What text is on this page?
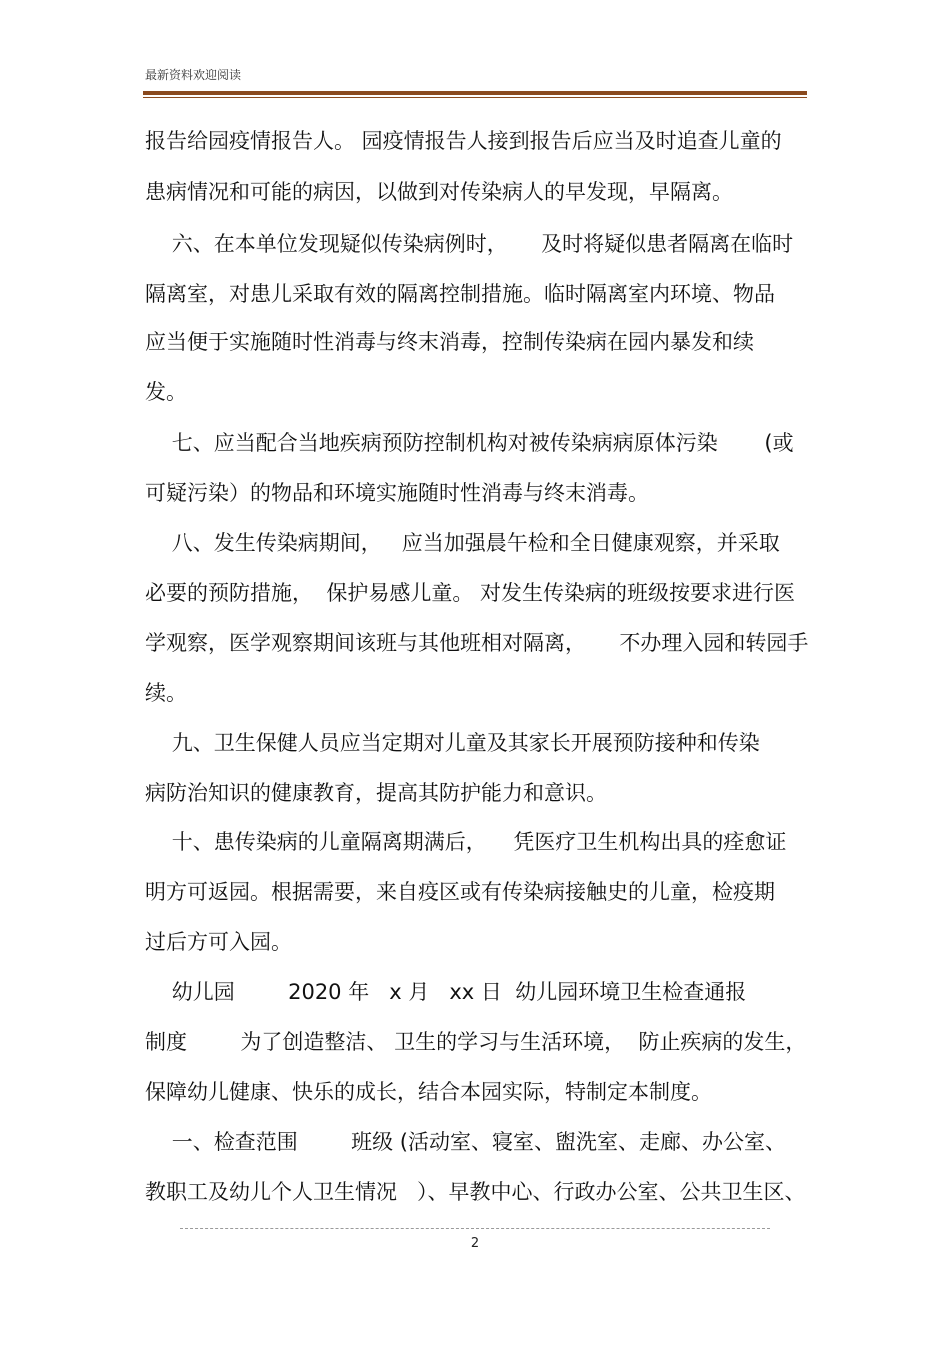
最新资料欢迎阅读
报告给园疫情报告人。 园疫情报告人接到报告后应当及时追查儿童的
患病情况和可能的病因，以做到对传染病人的早发现，早隔离。
六、在本单位发现疑似传染病例时，     及时将疑似患者隔离在临时
隔离室，对患儿采取有效的隔离控制措施。临时隔离室内环境、物品
应当便于实施随时性消毒与终末消毒，控制传染病在园内暴发和续
发。
七、应当配合当地疾病预防控制机构对被传染病病原体污染       (或
可疑污染）的物品和环境实施随时性消毒与终末消毒。
八、发生传染病期间，   应当加强晨午检和全日健康观察，并采取
必要的预防措施，  保护易感儿童。 对发生传染病的班级按要求进行医
学观察，医学观察期间该班与其他班相对隔离，     不办理入园和转园手
续。
九、卫生保健人员应当定期对儿童及其家长开展预防接种和传染
病防治知识的健康教育，提高其防护能力和意识。
十、患传染病的儿童隔离期满后，    凭医疗卫生机构出具的痊愈证
明方可返园。根据需要，来自疫区或有传染病接触史的儿童，检疫期
过后方可入园。
幼儿园        2020 年   x 月   xx 日  幼儿园环境卫生检查通报
制度        为了创造整洁、 卫生的学习与生活环境，  防止疾病的发生，
保障幼儿健康、快乐的成长，结合本园实际，特制定本制度。
一、检查范围        班级 (活动室、寝室、盥洗室、走廊、办公室、
教职工及幼儿个人卫生情况   ）、早教中心、行政办公室、公共卫生区、
2
